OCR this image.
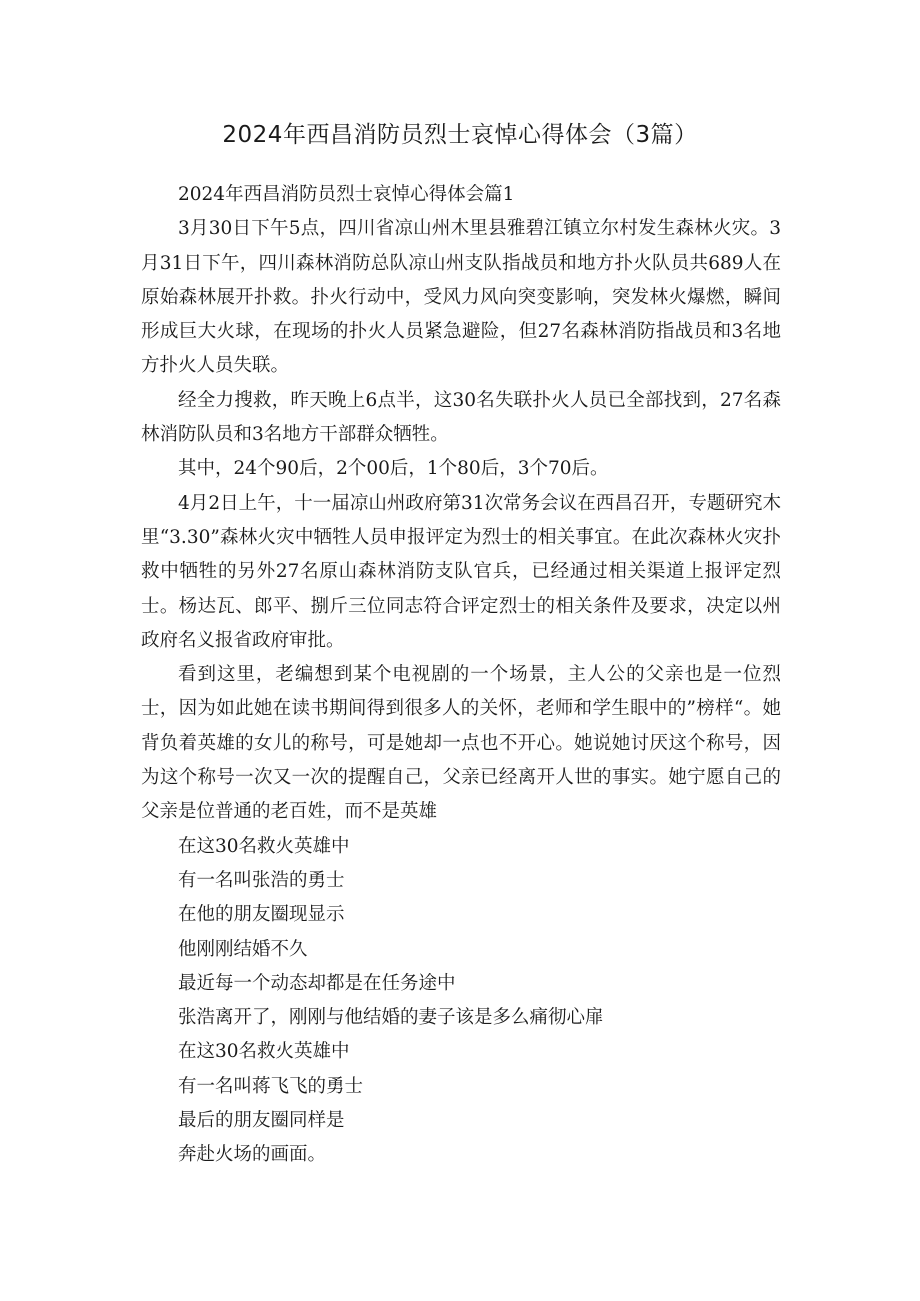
2024年西昌消防员烈士哀悼心得体会（3篇）

2024年西昌消防员烈士哀悼心得体会篇1

3月30日下午5点，四川省凉山州木里县雅碧江镇立尔村发生森林火灾。3月31日下午，四川森林消防总队凉山州支队指战员和地方扑火队员共689人在原始森林展开扑救。扑火行动中，受风力风向突变影响，突发林火爆燃，瞬间形成巨大火球，在现场的扑火人员紧急避险，但27名森林消防指战员和3名地方扑火人员失联。

经全力搜救，昨天晚上6点半，这30名失联扑火人员已全部找到，27名森林消防队员和3名地方干部群众牺牲。

其中，24个90后，2个00后，1个80后，3个70后。

4月2日上午，十一届凉山州政府第31次常务会议在西昌召开，专题研究木里“3.30”森林火灾中牺牲人员申报评定为烈士的相关事宜。在此次森林火灾扑救中牺牲的另外27名原山森林消防支队官兵，已经通过相关渠道上报评定烈士。杨达瓦、郎平、捌斤三位同志符合评定烈士的相关条件及要求，决定以州政府名义报省政府审批。

看到这里，老编想到某个电视剧的一个场景，主人公的父亲也是一位烈士，因为如此她在读书期间得到很多人的关怀，老师和学生眼中的”榜样“。她背负着英雄的女儿的称号，可是她却一点也不开心。她说她讨厌这个称号，因为这个称号一次又一次的提醒自己，父亲已经离开人世的事实。她宁愿自己的父亲是位普通的老百姓，而不是英雄

在这30名救火英雄中

有一名叫张浩的勇士

在他的朋友圈现显示

他刚刚结婚不久

最近每一个动态却都是在任务途中

张浩离开了，刚刚与他结婚的妻子该是多么痛彻心扉

在这30名救火英雄中

有一名叫蒋飞飞的勇士

最后的朋友圈同样是

奔赴火场的画面。
